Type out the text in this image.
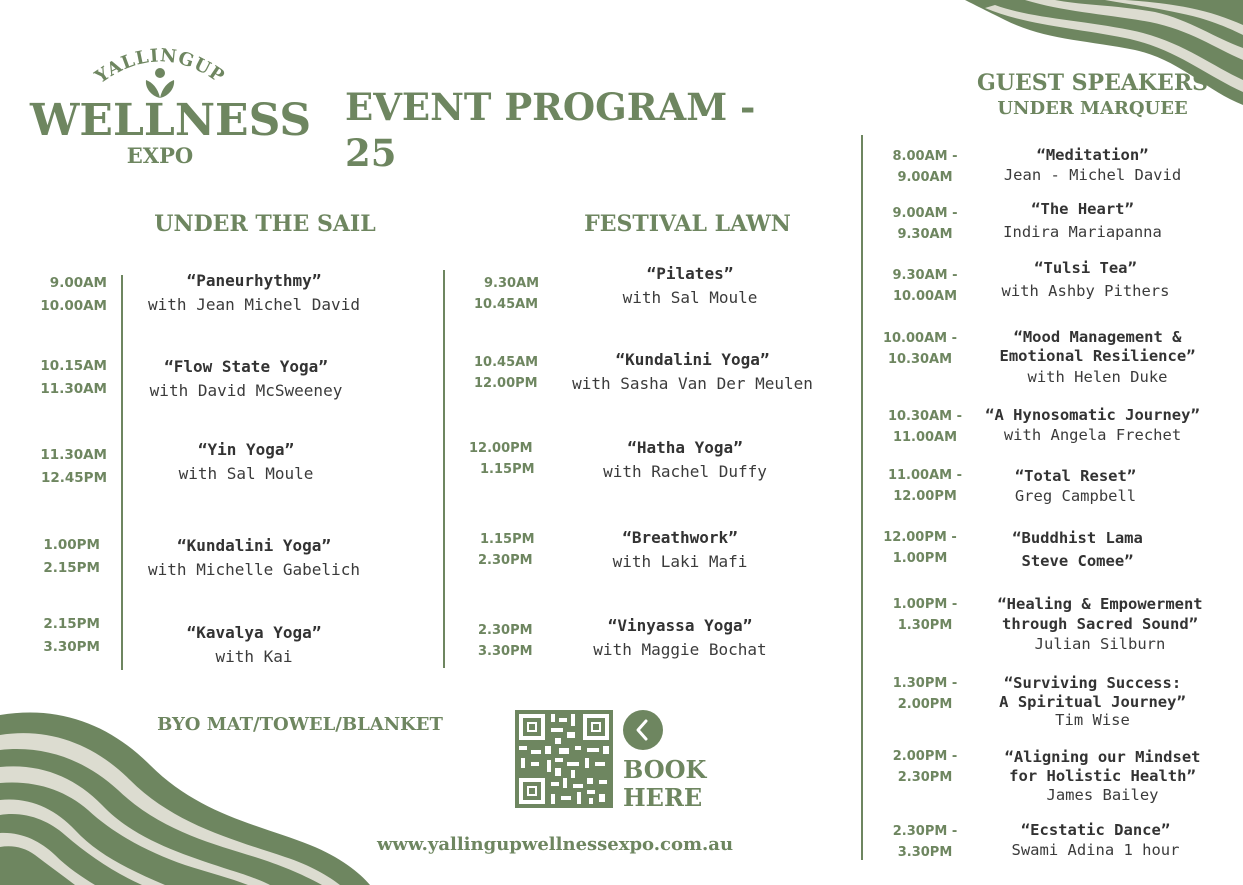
YALLINGUP
WELLNESS
EXPO
EVENT PROGRAM - 25
GUEST SPEAKERS
UNDER MARQUEE
UNDER THE SAIL	FESTIVAL LAWN
9.00AM
10.00AM
“Paneurhythmy”
with Jean Michel David
10.15AM
11.30AM
“Flow State Yoga”
with David McSweeney
11.30AM
12.45PM
“Yin Yoga”
with Sal Moule
1.00PM
2.15PM
“Kundalini Yoga”
with Michelle Gabelich
2.15PM
3.30PM
“Kavalya Yoga”
with Kai
9.30AM
10.45AM
“Pilates”
with Sal Moule
10.45AM
12.00PM
“Kundalini Yoga”
with Sasha Van Der Meulen
12.00PM
1.15PM
“Hatha Yoga”
with Rachel Duffy
1.15PM
2.30PM
“Breathwork”
with Laki Mafi
2.30PM
3.30PM
“Vinyassa Yoga”
with Maggie Bochat
8.00AM -
9.00AM
“Meditation”
Jean - Michel David
9.00AM -
9.30AM
“The Heart”
Indira Mariapanna
9.30AM -
10.00AM
“Tulsi Tea”
with Ashby Pithers
10.00AM -
10.30AM
“Mood Management &
Emotional Resilience”
with Helen Duke
10.30AM -
11.00AM
“A Hynosomatic Journey”
with Angela Frechet
11.00AM -
12.00PM
“Total Reset”
Greg Campbell
12.00PM -
1.00PM
“Buddhist Lama
Steve Comee”
1.00PM -
1.30PM
“Healing & Empowerment
through Sacred Sound”
Julian Silburn
1.30PM -
2.00PM
“Surviving Success:
A Spiritual Journey”
Tim Wise
2.00PM -
2.30PM
“Aligning our Mindset
for Holistic Health”
James Bailey
2.30PM -
3.30PM
“Ecstatic Dance”
Swami Adina 1 hour
BYO MAT/TOWEL/BLANKET
BOOK
HERE
www.yallingupwellnessexpo.com.au
